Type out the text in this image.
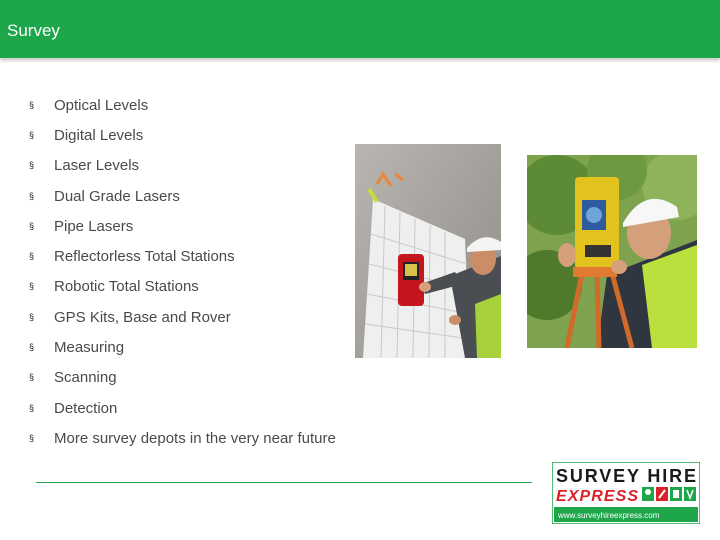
Survey
§	Optical Levels
§	Digital Levels
§	Laser Levels
§	Dual Grade Lasers
§	Pipe Lasers
§	Reflectorless Total Stations
§	Robotic Total Stations
§	GPS Kits, Base and Rover
§	Measuring
§	Scanning
§	Detection
§	More survey depots in the very near future
SURVEY HIRE
EXPRESS
www.surveyhireexpress.com
